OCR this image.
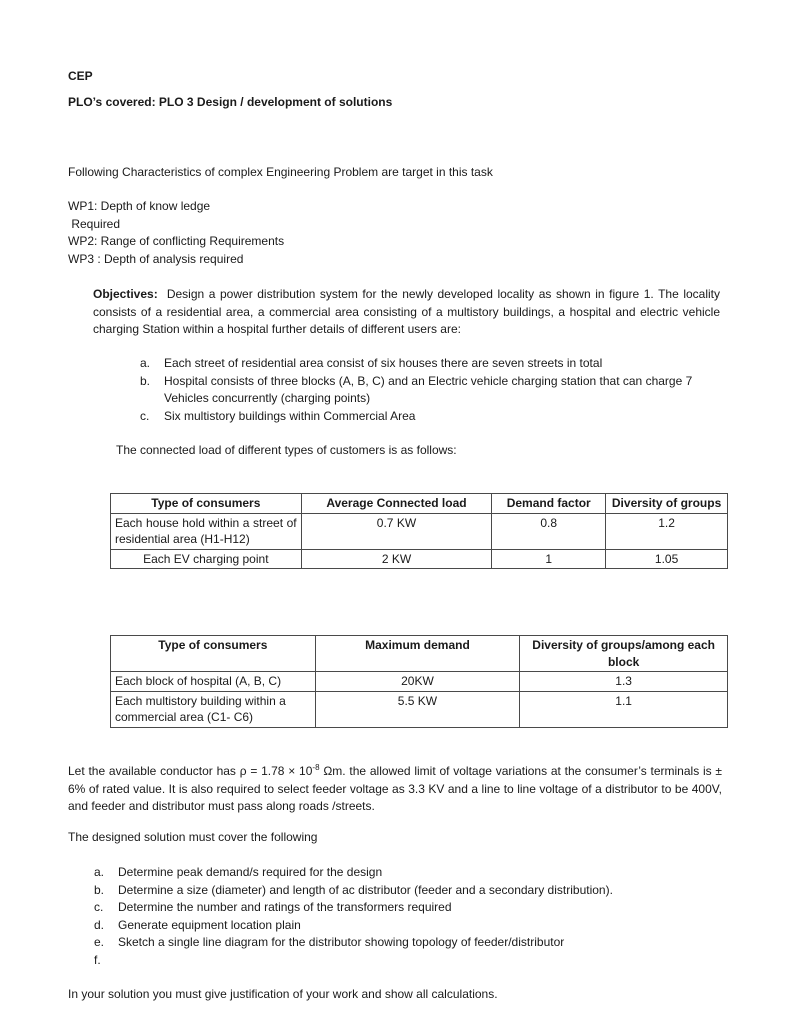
CEP
PLO’s covered: PLO 3 Design / development of solutions
Following Characteristics of complex Engineering Problem are target in this task
WP1: Depth of know ledge
Required
WP2: Range of conflicting Requirements
WP3 : Depth of analysis required

Objectives: Design a power distribution system for the newly developed locality as shown in figure 1. The locality consists of a residential area, a commercial area consisting of a multistory buildings, a hospital and electric vehicle charging Station within a hospital further details of different users are:

a. Each street of residential area consist of six houses there are seven streets in total
b. Hospital consists of three blocks (A, B, C) and an Electric vehicle charging station that can charge 7 Vehicles concurrently (charging points)
c. Six multistory buildings within Commercial Area
The connected load of different types of customers is as follows:
Type of consumers	Average Connected load	Demand factor	Diversity of groups
Each house hold within a street of residential area (H1-H12)	0.7 KW	0.8	1.2
Each EV charging point	2 KW	1	1.05
Type of consumers	Maximum demand	Diversity of groups/among each block
Each block of hospital (A, B, C)	20KW	1.3
Each multistory building within a commercial area (C1- C6)	5.5 KW	1.1

Let the available conductor has $\rho = 1.78 \times 10^{-8}$ Ωm. the allowed limit of voltage variations at the consumer’s terminals is ± 6% of rated value. It is also required to select feeder voltage as 3.3 KV and a line to line voltage of a distributor to be 400V, and feeder and distributor must pass along roads /streets.

The designed solution must cover the following
a. Determine peak demand/s required for the design
b. Determine a size (diameter) and length of ac distributor (feeder and a secondary distribution).
c. Determine the number and ratings of the transformers required
d. Generate equipment location plain
e. Sketch a single line diagram for the distributor showing topology of feeder/distributor
f.

In your solution you must give justification of your work and show all calculations.
